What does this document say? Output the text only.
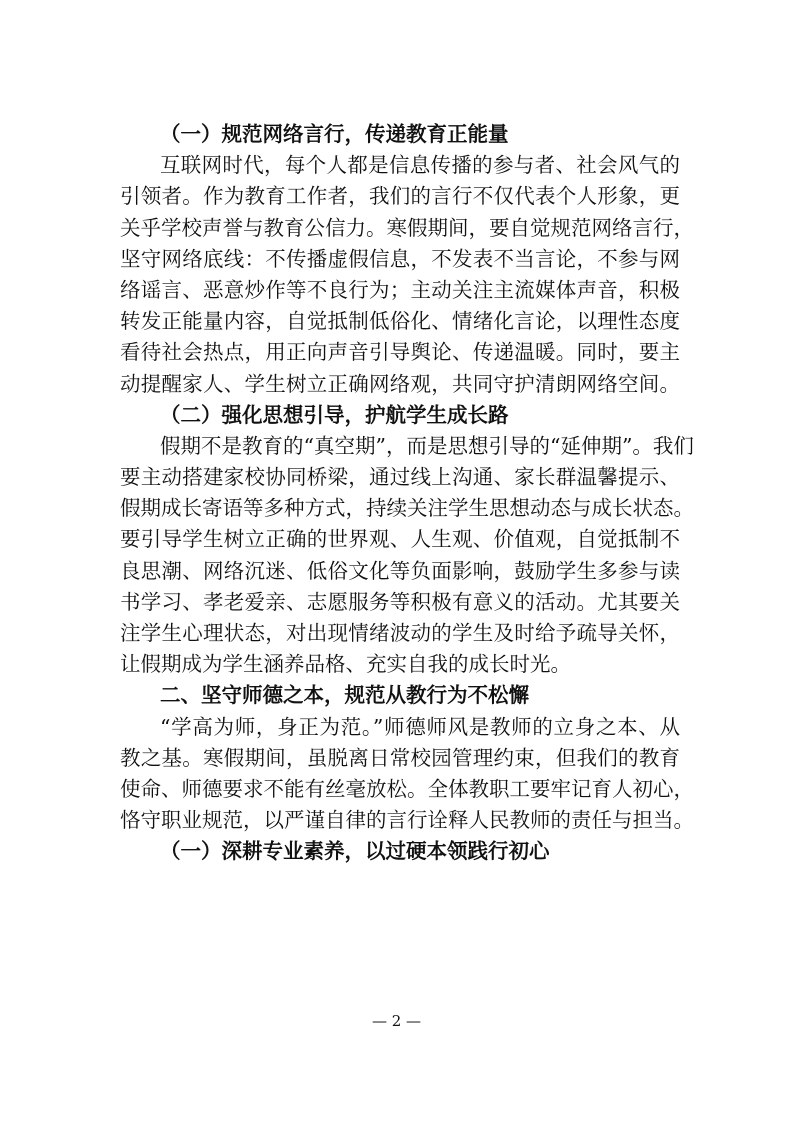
（一）规范网络言行，传递教育正能量
互联网时代，每个人都是信息传播的参与者、社会风气的
引领者。作为教育工作者，我们的言行不仅代表个人形象，更
关乎学校声誉与教育公信力。寒假期间，要自觉规范网络言行，
坚守网络底线：不传播虚假信息，不发表不当言论，不参与网
络谣言、恶意炒作等不良行为；主动关注主流媒体声音，积极
转发正能量内容，自觉抵制低俗化、情绪化言论，以理性态度
看待社会热点，用正向声音引导舆论、传递温暖。同时，要主
动提醒家人、学生树立正确网络观，共同守护清朗网络空间。
（二）强化思想引导，护航学生成长路
假期不是教育的“真空期”，而是思想引导的“延伸期”。我们
要主动搭建家校协同桥梁，通过线上沟通、家长群温馨提示、
假期成长寄语等多种方式，持续关注学生思想动态与成长状态。
要引导学生树立正确的世界观、人生观、价值观，自觉抵制不
良思潮、网络沉迷、低俗文化等负面影响，鼓励学生多参与读
书学习、孝老爱亲、志愿服务等积极有意义的活动。尤其要关
注学生心理状态，对出现情绪波动的学生及时给予疏导关怀，
让假期成为学生涵养品格、充实自我的成长时光。
二、坚守师德之本，规范从教行为不松懈
“学高为师，身正为范。”师德师风是教师的立身之本、从
教之基。寒假期间，虽脱离日常校园管理约束，但我们的教育
使命、师德要求不能有丝毫放松。全体教职工要牢记育人初心，
恪守职业规范，以严谨自律的言行诠释人民教师的责任与担当。
（一）深耕专业素养，以过硬本领践行初心
— 2 —
